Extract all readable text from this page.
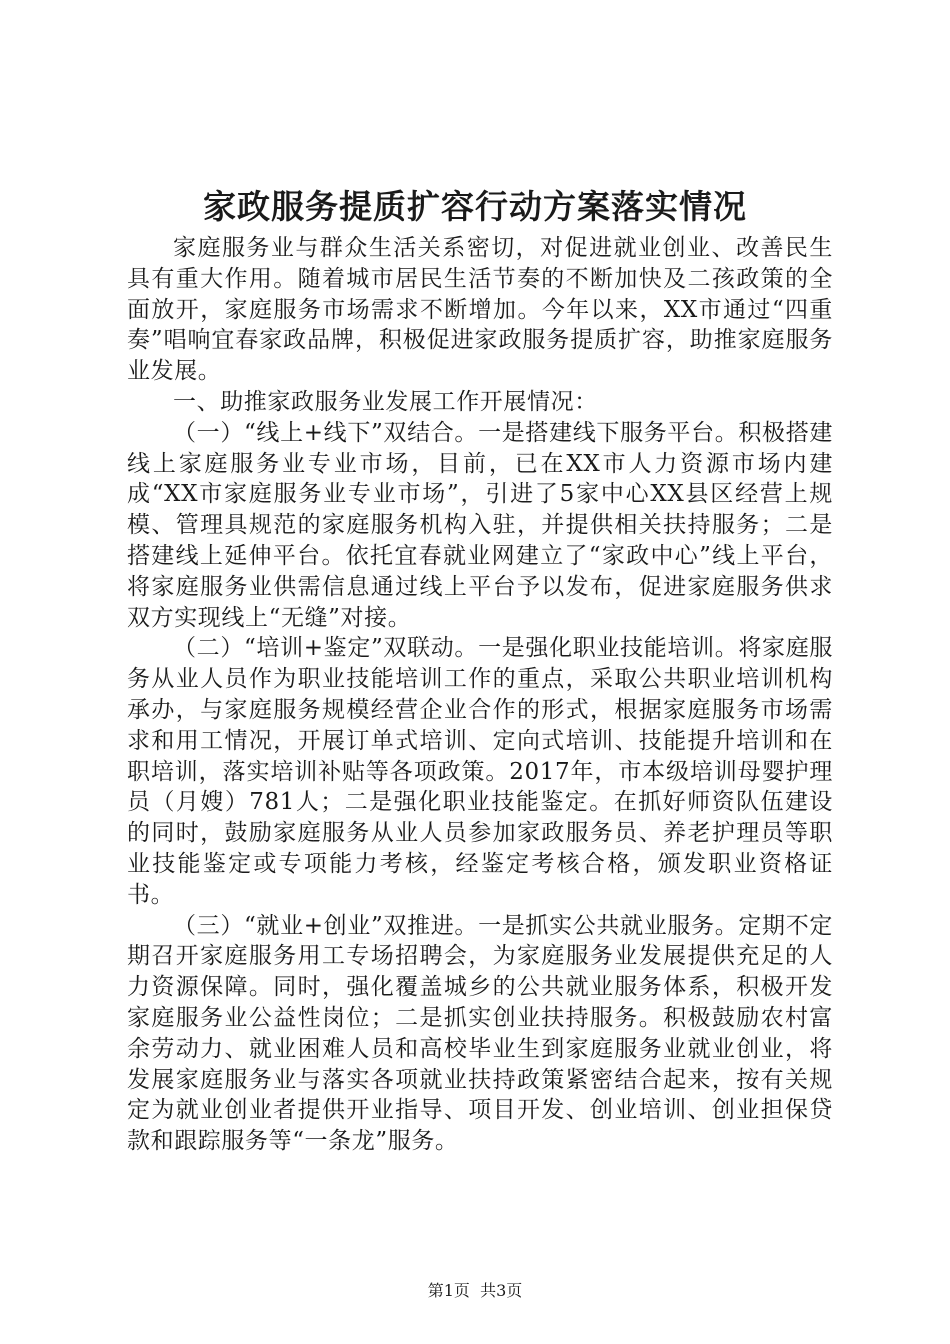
家政服务提质扩容行动方案落实情况

家庭服务业与群众生活关系密切，对促进就业创业、改善民生具有重大作用。随着城市居民生活节奏的不断加快及二孩政策的全面放开，家庭服务市场需求不断增加。今年以来，XX市通过“四重奏”唱响宜春家政品牌，积极促进家政服务提质扩容，助推家庭服务业发展。

一、助推家政服务业发展工作开展情况：

（一）“线上+线下”双结合。一是搭建线下服务平台。积极搭建线上家庭服务业专业市场，目前，已在XX市人力资源市场内建成“XX市家庭服务业专业市场”，引进了5家中心XX县区经营上规模、管理具规范的家庭服务机构入驻，并提供相关扶持服务；二是搭建线上延伸平台。依托宜春就业网建立了“家政中心”线上平台，将家庭服务业供需信息通过线上平台予以发布，促进家庭服务供求双方实现线上“无缝”对接。

（二）“培训+鉴定”双联动。一是强化职业技能培训。将家庭服务从业人员作为职业技能培训工作的重点，采取公共职业培训机构承办，与家庭服务规模经营企业合作的形式，根据家庭服务市场需求和用工情况，开展订单式培训、定向式培训、技能提升培训和在职培训，落实培训补贴等各项政策。2017年，市本级培训母婴护理员（月嫂）781人；二是强化职业技能鉴定。在抓好师资队伍建设的同时，鼓励家庭服务从业人员参加家政服务员、养老护理员等职业技能鉴定或专项能力考核，经鉴定考核合格，颁发职业资格证书。

（三）“就业+创业”双推进。一是抓实公共就业服务。定期不定期召开家庭服务用工专场招聘会，为家庭服务业发展提供充足的人力资源保障。同时，强化覆盖城乡的公共就业服务体系，积极开发家庭服务业公益性岗位；二是抓实创业扶持服务。积极鼓励农村富余劳动力、就业困难人员和高校毕业生到家庭服务业就业创业，将发展家庭服务业与落实各项就业扶持政策紧密结合起来，按有关规定为就业创业者提供开业指导、项目开发、创业培训、创业担保贷款和跟踪服务等“一条龙”服务。

第1页 共3页
